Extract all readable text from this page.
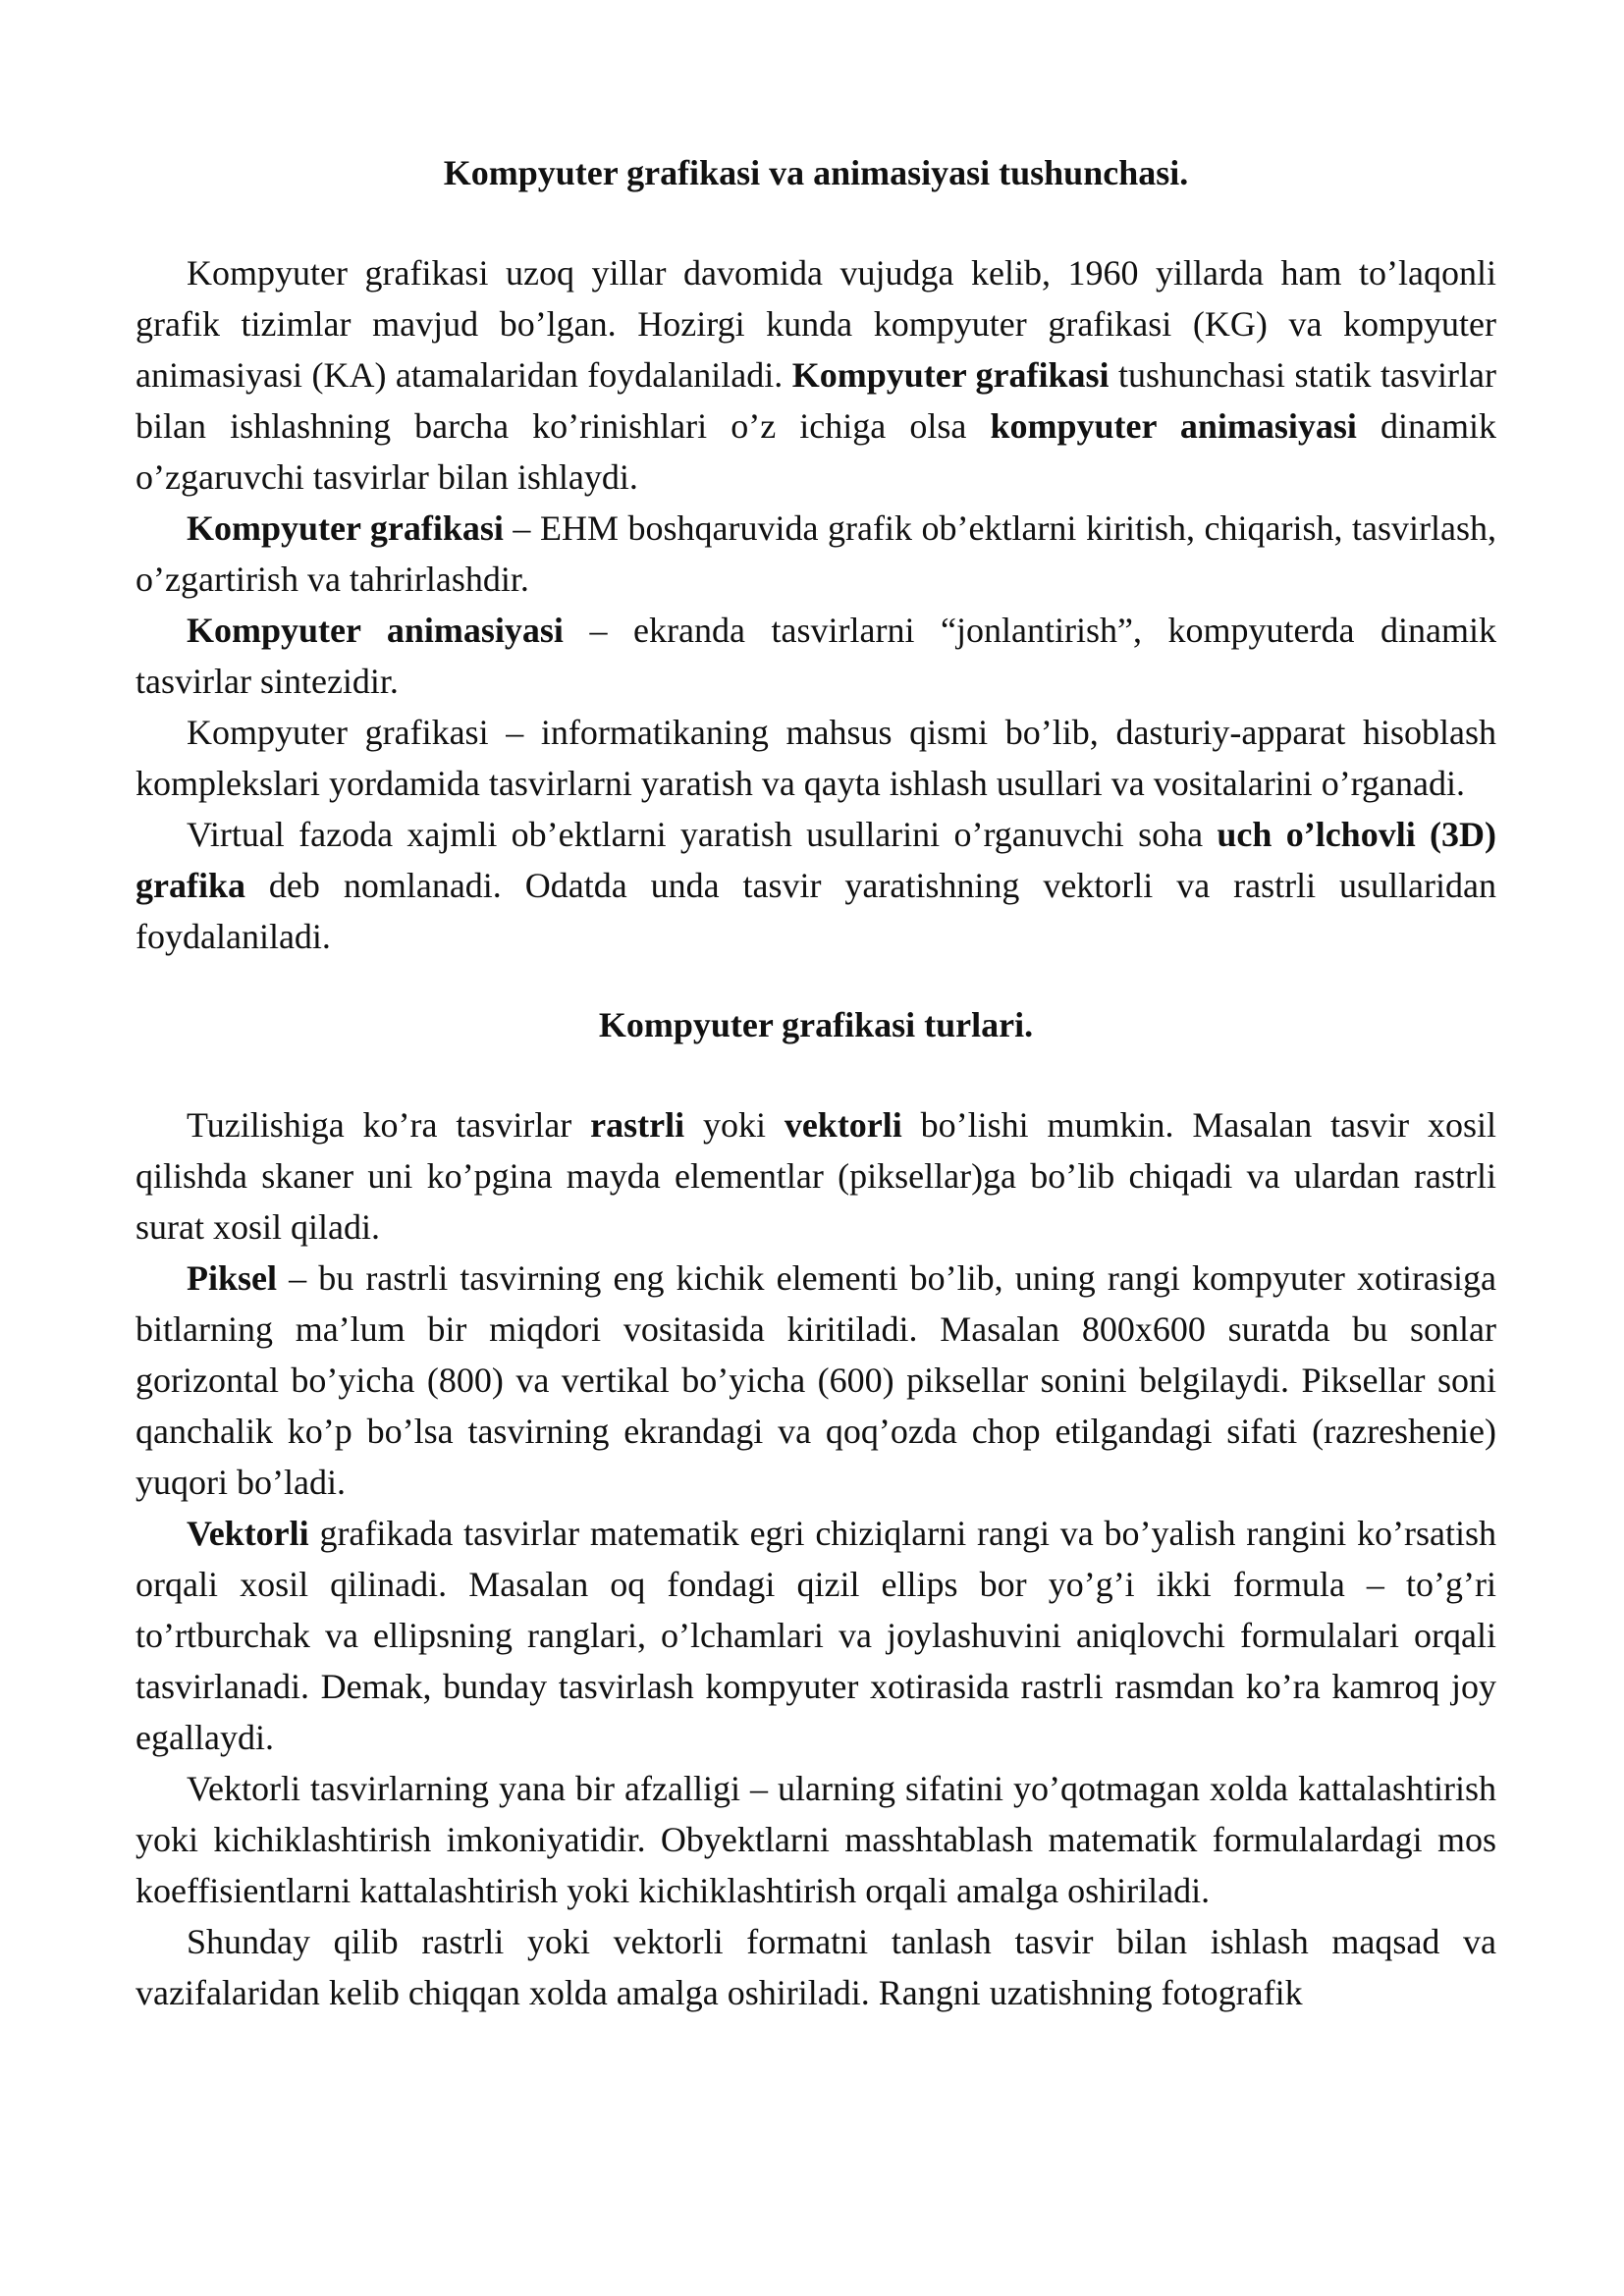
Kompyuter grafikasi va animasiyasi tushunchasi.

Kompyuter grafikasi uzoq yillar davomida vujudga kelib, 1960 yillarda ham to’laqonli grafik tizimlar mavjud bo’lgan. Hozirgi kunda kompyuter grafikasi (KG) va kompyuter animasiyasi (KA) atamalaridan foydalaniladi. Kompyuter grafikasi tushunchasi statik tasvirlar bilan ishlashning barcha ko’rinishlari o’z ichiga olsa kompyuter animasiyasi dinamik o’zgaruvchi tasvirlar bilan ishlaydi.

Kompyuter grafikasi – EHM boshqaruvida grafik ob’ektlarni kiritish, chiqarish, tasvirlash, o’zgartirish va tahrirlashdir.

Kompyuter animasiyasi – ekranda tasvirlarni “jonlantirish”, kompyuterda dinamik tasvirlar sintezidir.

Kompyuter grafikasi – informatikaning mahsus qismi bo’lib, dasturiy-apparat hisoblash komplekslari yordamida tasvirlarni yaratish va qayta ishlash usullari va vositalarini o’rganadi.

Virtual fazoda xajmli ob’ektlarni yaratish usullarini o’rganuvchi soha uch o’lchovli (3D) grafika deb nomlanadi. Odatda unda tasvir yaratishning vektorli va rastrli usullaridan foydalaniladi.

Kompyuter grafikasi turlari.

Tuzilishiga ko’ra tasvirlar rastrli yoki vektorli bo’lishi mumkin. Masalan tasvir xosil qilishda skaner uni ko’pgina mayda elementlar (piksellar)ga bo’lib chiqadi va ulardan rastrli surat xosil qiladi.

Piksel – bu rastrli tasvirning eng kichik elementi bo’lib, uning rangi kompyuter xotirasiga bitlarning ma’lum bir miqdori vositasida kiritiladi. Masalan 800x600 suratda bu sonlar gorizontal bo’yicha (800) va vertikal bo’yicha (600) piksellar sonini belgilaydi. Piksellar soni qanchalik ko’p bo’lsa tasvirning ekrandagi va qoq’ozda chop etilgandagi sifati (razreshenie) yuqori bo’ladi.

Vektorli grafikada tasvirlar matematik egri chiziqlarni rangi va bo’yalish rangini ko’rsatish orqali xosil qilinadi. Masalan oq fondagi qizil ellips bor yo’g’i ikki formula – to’g’ri to’rtburchak va ellipsning ranglari, o’lchamlari va joylashuvini aniqlovchi formulalari orqali tasvirlanadi. Demak, bunday tasvirlash kompyuter xotirasida rastrli rasmdan ko’ra kamroq joy egallaydi.

Vektorli tasvirlarning yana bir afzalligi – ularning sifatini yo’qotmagan xolda kattalashtirish yoki kichiklashtirish imkoniyatidir. Obyektlarni masshtablash matematik formulalardagi mos koeffisientlarni kattalashtirish yoki kichiklashtirish orqali amalga oshiriladi.

Shunday qilib rastrli yoki vektorli formatni tanlash tasvir bilan ishlash maqsad va vazifalaridan kelib chiqqan xolda amalga oshiriladi. Rangni uzatishning fotografik
